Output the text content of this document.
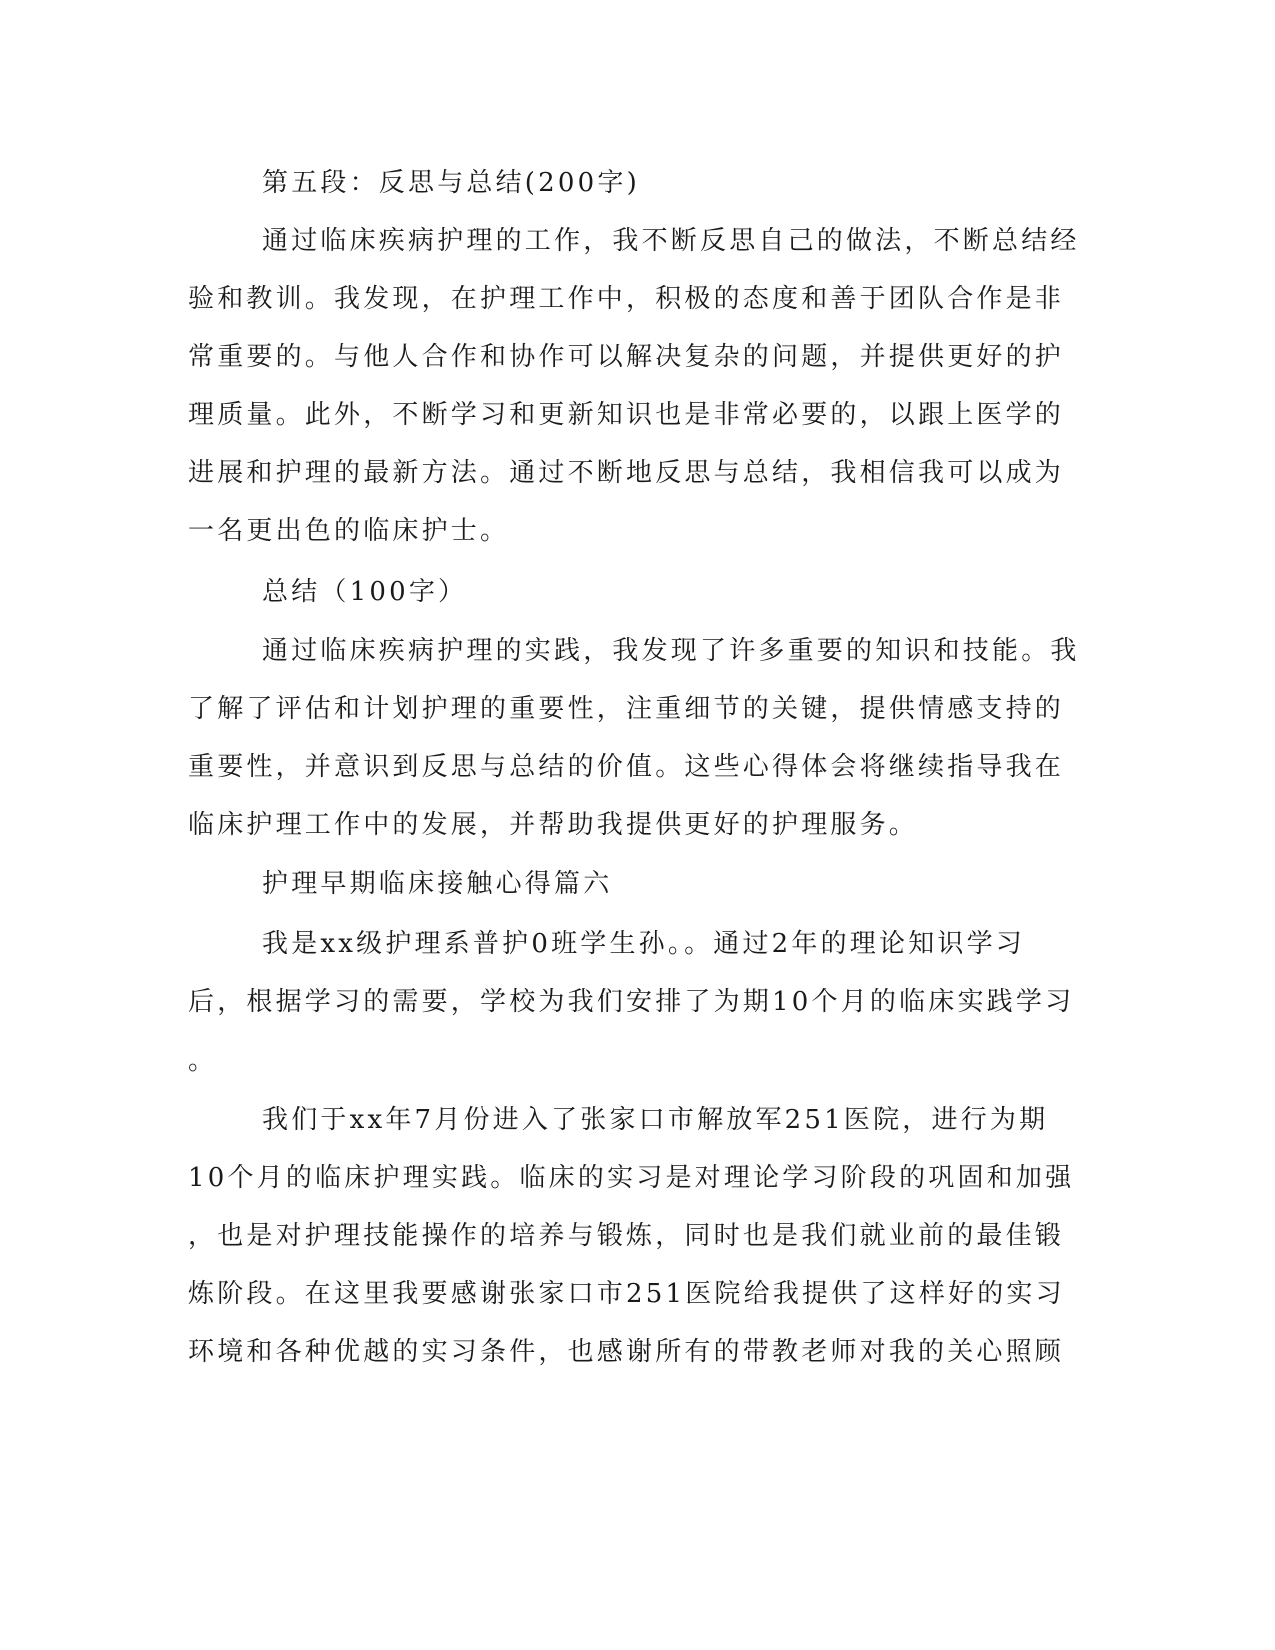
第五段：反思与总结(200字)

通过临床疾病护理的工作，我不断反思自己的做法，不断总结经

验和教训。我发现，在护理工作中，积极的态度和善于团队合作是非

常重要的。与他人合作和协作可以解决复杂的问题，并提供更好的护

理质量。此外，不断学习和更新知识也是非常必要的，以跟上医学的

进展和护理的最新方法。通过不断地反思与总结，我相信我可以成为

一名更出色的临床护士。

总结（100字）

通过临床疾病护理的实践，我发现了许多重要的知识和技能。我

了解了评估和计划护理的重要性，注重细节的关键，提供情感支持的

重要性，并意识到反思与总结的价值。这些心得体会将继续指导我在

临床护理工作中的发展，并帮助我提供更好的护理服务。

护理早期临床接触心得篇六

我是xx级护理系普护0班学生孙。。通过2年的理论知识学习

后，根据学习的需要，学校为我们安排了为期10个月的临床实践学习

。

我们于xx年7月份进入了张家口市解放军251医院，进行为期

10个月的临床护理实践。临床的实习是对理论学习阶段的巩固和加强

，也是对护理技能操作的培养与锻炼，同时也是我们就业前的最佳锻

炼阶段。在这里我要感谢张家口市251医院给我提供了这样好的实习

环境和各种优越的实习条件，也感谢所有的带教老师对我的关心照顾
